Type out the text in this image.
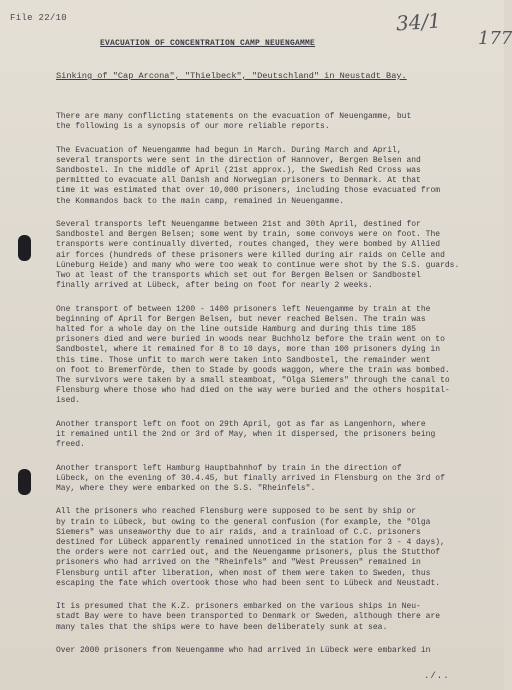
File 22/10	34/1
177
EVACUATION OF CONCENTRATION CAMP NEUENGAMME
Sinking of "Cap Arcona", "Thielbeck", "Deutschland" in Neustadt Bay.
There are many conflicting statements on the evacuation of Neuengamme, but
the following is a synopsis of our more reliable reports.
The Evacuation of Neuengamme had begun in March. During March and April,
several transports were sent in the direction of Hannover, Bergen Belsen and
Sandbostel. In the middle of April (21st approx.), the Swedish Red Cross was
permitted to evacuate all Danish and Norwegian prisoners to Denmark. At that
time it was estimated that over 10,000 prisoners, including those evacuated from
the Kommandos back to the main camp, remained in Neuengamme.
Several transports left Neuengamme between 21st and 30th April, destined for
Sandbostel and Bergen Belsen; some went by train, some convoys were on foot. The
transports were continually diverted, routes changed, they were bombed by Allied
air forces (hundreds of these prisoners were killed during air raids on Celle and
Lüneburg Heide) and many who were too weak to continue were shot by the S.S. guards.
Two at least of the transports which set out for Bergen Belsen or Sandbostel
finally arrived at Lübeck, after being on foot for nearly 2 weeks.
One transport of between 1200 - 1400 prisoners left Neuengamme by train at the
beginning of April for Bergen Belsen, but never reached Belsen. The train was
halted for a whole day on the line outside Hamburg and during this time 185
prisoners died and were buried in woods near Buchholz before the train went on to
Sandbostel, where it remained for 8 to 10 days, more than 100 prisoners dying in
this time. Those unfit to march were taken into Sandbostel, the remainder went
on foot to Bremerförde, then to Stade by goods waggon, where the train was bombed.
The survivors were taken by a small steamboat, "Olga Siemers" through the canal to
Flensburg where those who had died on the way were buried and the others hospital-
ised.
Another transport left on foot on 29th April, got as far as Langenhorn, where
it remained until the 2nd or 3rd of May, when it dispersed, the prisoners being
freed.
Another transport left Hamburg Hauptbahnhof by train in the direction of
Lübeck, on the evening of 30.4.45, but finally arrived in Flensburg on the 3rd of
May, where they were embarked on the S.S. "Rheinfels".
All the prisoners who reached Flensburg were supposed to be sent by ship or
by train to Lübeck, but owing to the general confusion (for example, the "Olga
Siemers" was unseaworthy due to air raids, and a trainload of C.C. prisoners
destined for Lübeck apparently remained unnoticed in the station for 3 - 4 days),
the orders were not carried out, and the Neuengamme prisoners, plus the Stutthof
prisoners who had arrived on the "Rheinfels" and "West Preussen" remained in
Flensburg until after liberation, when most of them were taken to Sweden, thus
escaping the fate which overtook those who had been sent to Lübeck and Neustadt.
It is presumed that the K.Z. prisoners embarked on the various ships in Neu-
stadt Bay were to have been transported to Denmark or Sweden, although there are
many tales that the ships were to have been deliberately sunk at sea.
Over 2000 prisoners from Neuengamme who had arrived in Lübeck were embarked in
./..
